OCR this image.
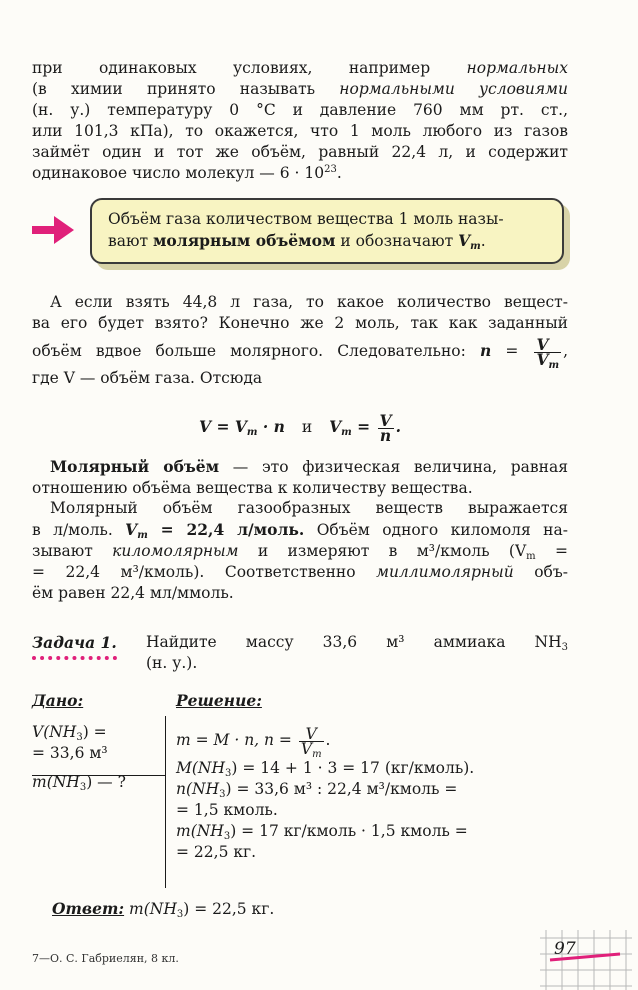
при одинаковых условиях, например нормальных
(в химии принято называть нормальными условиями
(н. у.) температуру 0 °С и давление 760 мм рт. ст.,
или 101,3 кПа), то окажется, что 1 моль любого из газов
займёт один и тот же объём, равный 22,4 л, и содержит
одинаковое число молекул — $6 \cdot 10^{23}$.
Объём газа количеством вещества 1 моль назы-
вают молярным объёмом и обозначают $V_m$.
А если взять 44,8 л газа, то какое количество вещест-
ва его будет взято? Конечно же 2 моль, так как заданный
объём вдвое больше молярного. Следовательно: $n = \frac{V}{V_m}$ ,
где V — объём газа. Отсюда
$V = V_m \cdot n$ и $V_m = \frac{V}{n}$ .
Молярный объём — это физическая величина, равная
отношению объёма вещества к количеству вещества.
Молярный объём газообразных веществ выражается
в л/моль. $V_m = 22,4$ л/моль. Объём одного киломоля на-
зывают киломолярным и измеряют в м³/кмоль ($V_m$ =
= 22,4 м³/кмоль). Соответственно миллимолярный объ-
ём равен 22,4 мл/ммоль.
Задача 1. Найдите массу 33,6 м³ аммиака $NH_3$
(н. у.).
Дано:	Решение:
$V(NH_3)$ =
= 33,6 м³
$m(NH_3)$ — ?
m = M · n, $n = \frac{V}{V_m}$ .
$M(NH_3) = 14 + 1 \cdot 3 = 17$ (кг/кмоль).
$n(NH_3) = 33,6$ м³ : 22,4 м³/кмоль =
= 1,5 кмоль.
$m(NH_3) = 17$ кг/кмоль · 1,5 кмоль =
= 22,5 кг.
Ответ: $m(NH_3) = 22,5$ кг.
7—О. С. Габриелян, 8 кл.	97
